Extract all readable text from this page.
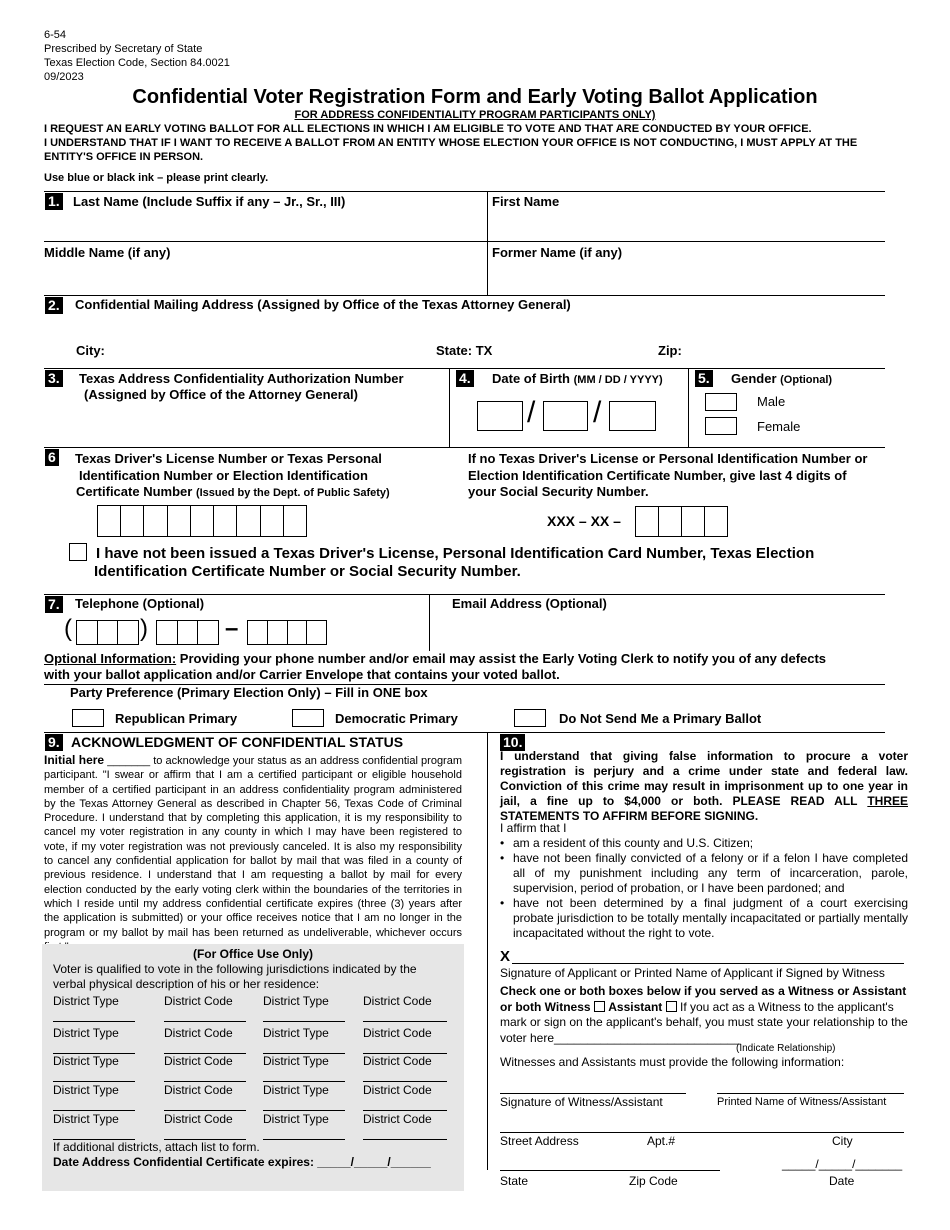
6-54
Prescribed by Secretary of State
Texas Election Code, Section 84.0021
09/2023
Confidential Voter Registration Form and Early Voting Ballot Application
FOR ADDRESS CONFIDENTIALITY PROGRAM PARTICIPANTS ONLY)
I REQUEST AN EARLY VOTING BALLOT FOR ALL ELECTIONS IN WHICH I AM ELIGIBLE TO VOTE AND THAT ARE CONDUCTED BY YOUR OFFICE.
I UNDERSTAND THAT IF I WANT TO RECEIVE A BALLOT FROM AN ENTITY WHOSE ELECTION YOUR OFFICE IS NOT CONDUCTING, I MUST APPLY AT THE ENTITY'S OFFICE IN PERSON.
Use blue or black ink – please print clearly.
1. Last Name (Include Suffix if any – Jr., Sr., III)	First Name
Middle Name (if any)	Former Name (if any)
2. Confidential Mailing Address (Assigned by Office of the Texas Attorney General)
City:	State: TX	Zip:
3. Texas Address Confidentiality Authorization Number
(Assigned by Office of the Attorney General)
4. Date of Birth (MM / DD / YYYY)
/ /
5. Gender (Optional)
Male
Female
6 Texas Driver's License Number or Texas Personal
Identification Number or Election Identification
Certificate Number (Issued by the Dept. of Public Safety)
If no Texas Driver's License or Personal Identification Number or
Election Identification Certificate Number, give last 4 digits of
your Social Security Number.
XXX – XX –
I have not been issued a Texas Driver's License, Personal Identification Card Number, Texas Election
Identification Certificate Number or Social Security Number.
7. Telephone (Optional)	Email Address (Optional)
(	)	–
Optional Information: Providing your phone number and/or email may assist the Early Voting Clerk to notify you of any defects
with your ballot application and/or Carrier Envelope that contains your voted ballot.
Party Preference (Primary Election Only) – Fill in ONE box
Republican Primary	Democratic Primary	Do Not Send Me a Primary Ballot
9. ACKNOWLEDGMENT OF CONFIDENTIAL STATUS
Initial here _______ to acknowledge your status as an address confidential program participant. "I swear or affirm that I am a certified participant or eligible household member of a certified participant in an address confidentiality program administered by the Texas Attorney General as described in Chapter 56, Texas Code of Criminal Procedure. I understand that by completing this application, it is my responsibility to cancel my voter registration in any county in which I may have been registered to vote, if my voter registration was not previously canceled. It is also my responsibility to cancel any confidential application for ballot by mail that was filed in a county of previous residence. I understand that I am requesting a ballot by mail for every election conducted by the early voting clerk within the boundaries of the territories in which I reside until my address confidential certificate expires (three (3) years after the application is submitted) or your office receives notice that I am no longer in the program or my ballot by mail has been returned as undeliverable, whichever occurs
(For Office Use Only)
Voter is qualified to vote in the following jurisdictions indicated by the verbal physical description of his or her residence:
District Type	District Code	District Type	District Code
District Type	District Code	District Type	District Code
District Type	District Code	District Type	District Code
District Type	District Code	District Type	District Code
District Type	District Code	District Type	District Code
If additional districts, attach list to form.
Date Address Confidential Certificate expires: _____/_____/______
10.
I understand that giving false information to procure a voter registration is perjury and a crime under state and federal law. Conviction of this crime may result in imprisonment up to one year in jail, a fine up to $4,000 or both. PLEASE READ ALL THREE STATEMENTS TO AFFIRM BEFORE SIGNING.
I affirm that I
• am a resident of this county and U.S. Citizen;
• have not been finally convicted of a felony or if a felon I have completed all of my punishment including any term of incarceration, parole, supervision, period of probation, or I have been pardoned; and
• have not been determined by a final judgment of a court exercising probate jurisdiction to be totally mentally incapacitated or partially mentally incapacitated without the right to vote.
X
Signature of Applicant or Printed Name of Applicant if Signed by Witness
Check one or both boxes below if you served as a Witness or Assistant or both Witness Assistant If you act as a Witness to the applicant's mark or sign on the applicant's behalf, you must state your relationship to the voter here____________________________
(Indicate Relationship)
Witnesses and Assistants must provide the following information:
Signature of Witness/Assistant	Printed Name of Witness/Assistant
Street Address	Apt.#	City
_____/_____/_______
State	Zip Code	Date
